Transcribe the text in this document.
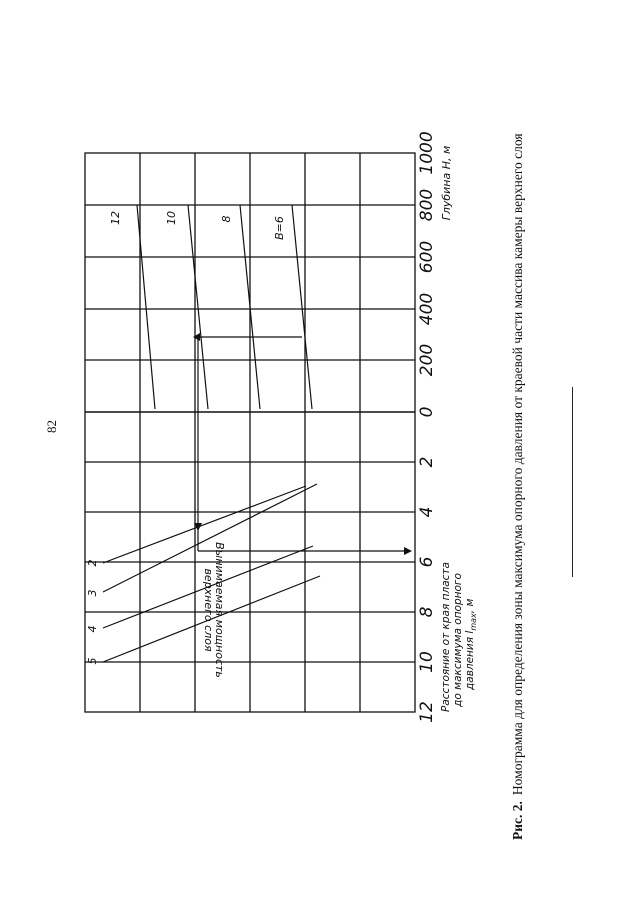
82
0
200
400
600
800
1000
2
4
6
8
10
12
Глубина H, м
Расстояние от края пласта до максимума опорного давления $l_{max}$, м
12	10	8	B=6
2
3
4
5	Вынимаемая мощность
верхнего слоя

Рис. 2.Номограмма для определения зоны максимума опорного давления от краевой части массива камеры верхнего слоя
